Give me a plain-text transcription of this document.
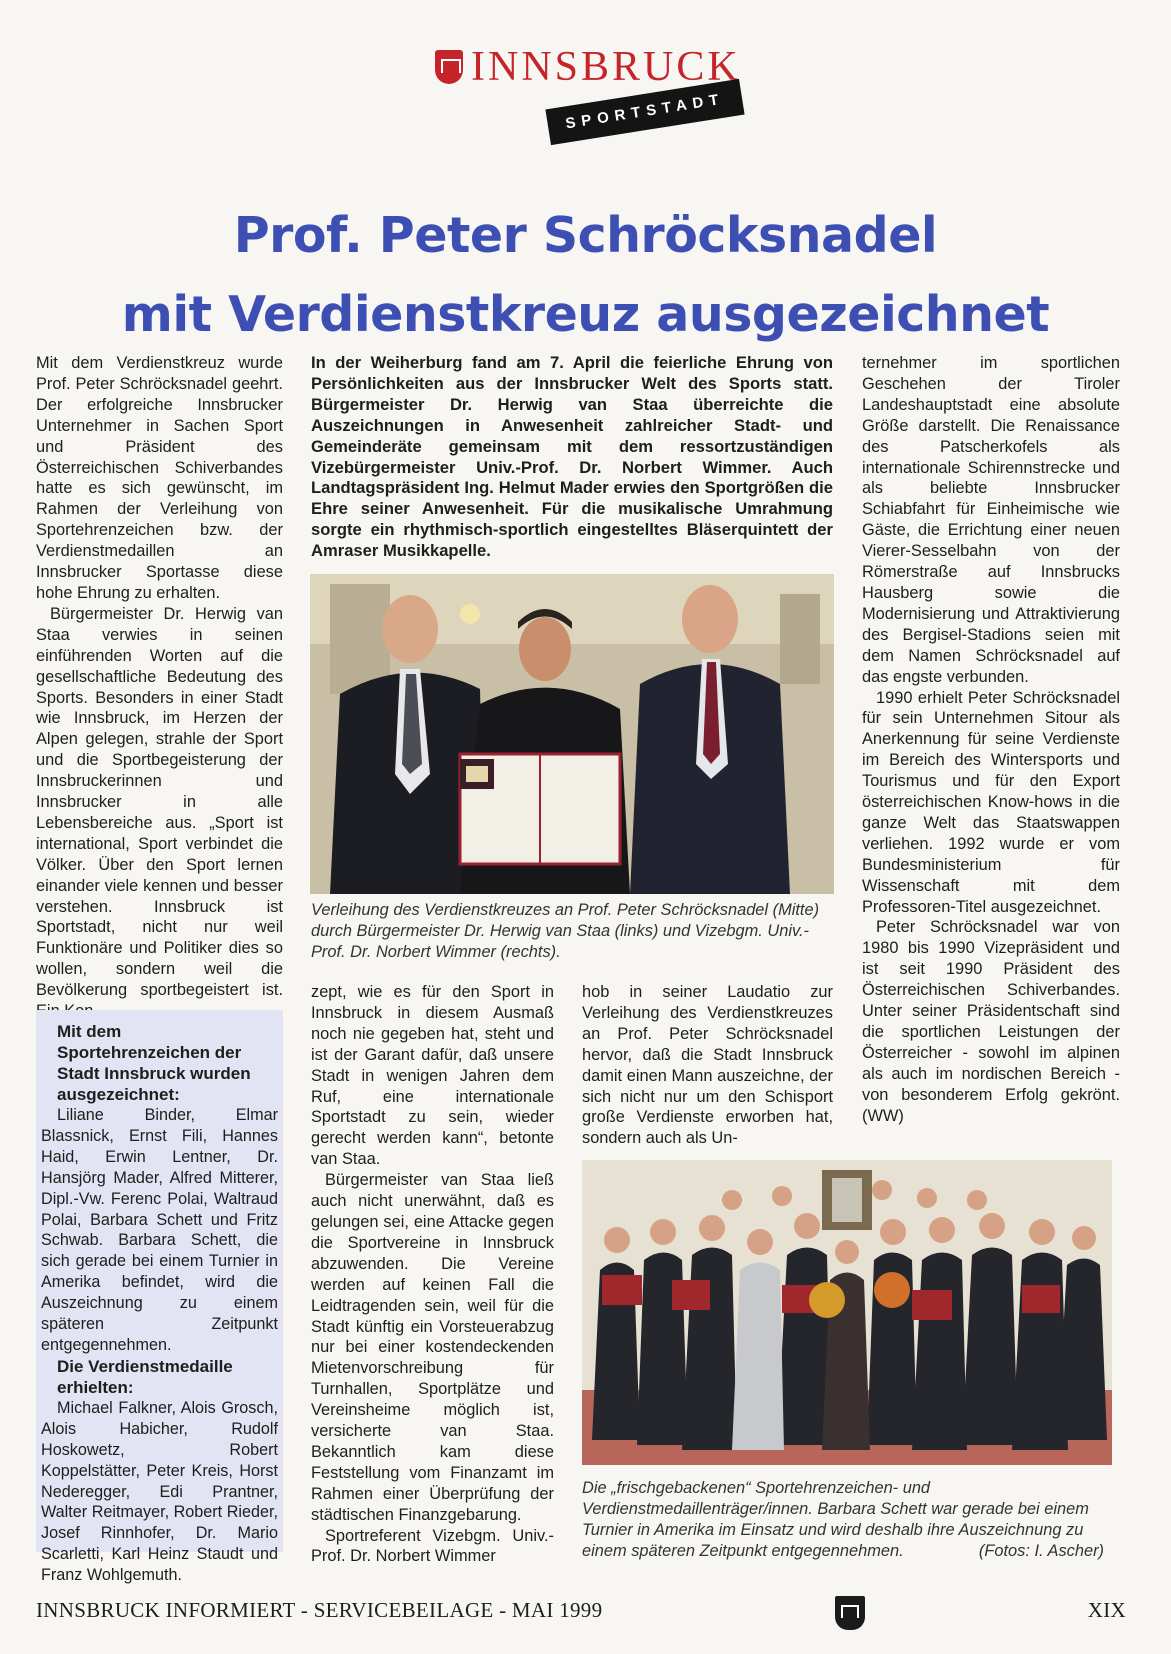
INNSBRUCK
SPORTSTADT
Prof. Peter Schröcksnadel
mit Verdienstkreuz ausgezeichnet

Mit dem Verdienstkreuz wurde Prof. Peter Schröcksnadel geehrt. Der erfolgreiche Innsbrucker Unternehmer in Sachen Sport und Präsident des Österreichischen Schiverbandes hatte es sich gewünscht, im Rahmen der Verleihung von Sportehrenzeichen bzw. der Verdienstmedaillen an Innsbrucker Sportasse diese hohe Ehrung zu erhalten.

Bürgermeister Dr. Herwig van Staa verwies in seinen einführenden Worten auf die gesellschaftliche Bedeutung des Sports. Besonders in einer Stadt wie Innsbruck, im Herzen der Alpen gelegen, strahle der Sport und die Sportbegeisterung der Innsbruckerinnen und Innsbrucker in alle Lebensbereiche aus. „Sport ist international, Sport verbindet die Völker. Über den Sport lernen einander viele kennen und besser verstehen. Innsbruck ist Sportstadt, nicht nur weil Funktionäre und Politiker dies so wollen, sondern weil die Bevölkerung sportbegeistert ist.

Mit dem Sportehrenzeichen der Stadt Innsbruck wurden ausgezeichnet:
Liliane Binder, Elmar Blassnick, Ernst Fili, Hannes Haid, Erwin Lentner, Dr. Hansjörg Mader, Alfred Mitterer, Dipl.-Vw. Ferenc Polai, Waltraud Polai, Barbara Schett und Fritz Schwab. Barbara Schett, die sich gerade bei einem Turnier in Amerika befindet, wird die Auszeichnung zu einem späteren Zeitpunkt entgegennehmen.
Die Verdienstmedaille erhielten:
Michael Falkner, Alois Grosch, Alois Habicher, Rudolf Hoskowetz, Robert Koppelstätter, Peter Kreis, Horst Nederegger, Edi Prantner, Walter Reitmayer, Robert Rieder, Josef Rinnhofer, Dr. Mario Scarletti, Karl Heinz Staudt und Franz Wohlgemuth.
In der Weiherburg fand am 7. April die feierliche Ehrung von Persönlichkeiten aus der Innsbrucker Welt des Sports statt. Bürgermeister Dr. Herwig van Staa überreichte die Auszeichnungen in Anwesenheit zahlreicher Stadt- und Gemeinderäte gemeinsam mit dem ressortzuständigen Vizebürgermeister Univ.-Prof. Dr. Norbert Wimmer. Auch Landtagspräsident Ing. Helmut Mader erwies den Sportgrößen die Ehre seiner Anwesenheit. Für die musikalische Umrahmung sorgte ein rhythmisch-sportlich eingestelltes Bläserquintett der Amraser Musikkapelle.
Verleihung des Verdienstkreuzes an Prof. Peter Schröcksnadel (Mitte) durch Bürgermeister Dr. Herwig van Staa (links) und Vizebgm. Univ.-Prof. Dr. Norbert Wimmer (rechts).

zept, wie es für den Sport in Innsbruck in diesem Ausmaß noch nie gegeben hat, steht und ist der Garant dafür, daß unsere Stadt in wenigen Jahren dem Ruf, eine internationale Sportstadt zu sein, wieder gerecht werden kann“, betonte van Staa.

Bürgermeister van Staa ließ auch nicht unerwähnt, daß es gelungen sei, eine Attacke gegen die Sportvereine in Innsbruck abzuwenden. Die Vereine werden auf keinen Fall die Leidtragenden sein, weil für die Stadt künftig ein Vorsteuerabzug nur bei einer kostendeckenden Mietenvorschreibung für Turnhallen, Sportplätze und Vereinsheime möglich ist, versicherte van Staa. Bekanntlich kam diese Feststellung vom Finanzamt im Rahmen einer Überprüfung der städtischen Finanzgebarung.

Sportreferent Vizebgm. Univ.-Prof. Dr. Norbert Wimmer

hob in seiner Laudatio zur Verleihung des Verdienstkreuzes an Prof. Peter Schröcksnadel hervor, daß die Stadt Innsbruck damit einen Mann auszeichne, der sich nicht nur um den Schisport große Verdienste erworben hat, sondern auch als Un-

ternehmer im sportlichen Geschehen der Tiroler Landeshauptstadt eine absolute Größe darstellt. Die Renaissance des Patscherkofels als internationale Schirennstrecke und als beliebte Innsbrucker Schiabfahrt für Einheimische wie Gäste, die Errichtung einer neuen Vierer-Sesselbahn von der Römerstraße auf Innsbrucks Hausberg sowie die Modernisierung und Attraktivierung des Bergisel-Stadions seien mit dem Namen Schröcksnadel auf das engste verbunden.

1990 erhielt Peter Schröcksnadel für sein Unternehmen Sitour als Anerkennung für seine Verdienste im Bereich des Wintersports und Tourismus und für den Export österreichischen Know-hows in die ganze Welt das Staatswappen verliehen. 1992 wurde er vom Bundesministerium für Wissenschaft mit dem Professoren-Titel ausgezeichnet.

Peter Schröcksnadel war von 1980 bis 1990 Vizepräsident und ist seit 1990 Präsident des Österreichischen Schiverbandes. Unter seiner Präsidentschaft sind die sportlichen Leistungen der Österreicher - sowohl im alpinen als auch im nordischen Bereich - von besonderem Erfolg gekrönt. (WW)

Die „frischgebackenen“ Sportehrenzeichen- und Verdienstmedaillenträger/innen. Barbara Schett war gerade bei einem Turnier in Amerika im Einsatz und wird deshalb ihre Auszeichnung zu einem späteren Zeitpunkt entgegennehmen.	(Fotos: I. Ascher)
INNSBRUCK INFORMIERT - SERVICEBEILAGE - MAI 1999	XIX
